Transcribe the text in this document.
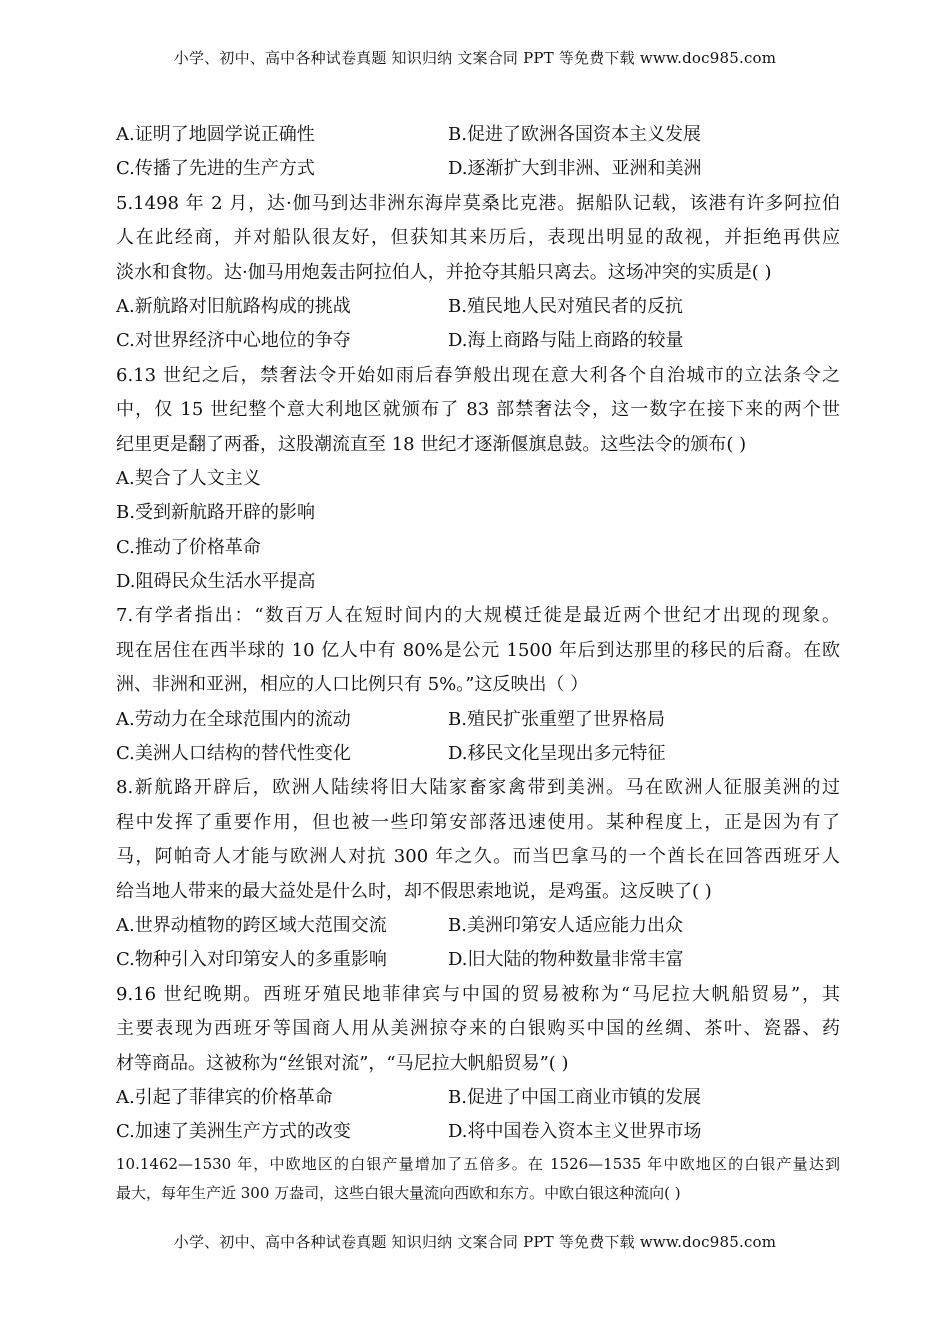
小学、初中、高中各种试卷真题 知识归纳 文案合同 PPT 等免费下载 www.doc985.com
A.证明了地圆学说正确性	B.促进了欧洲各国资本主义发展
C.传播了先进的生产方式	D.逐渐扩大到非洲、亚洲和美洲
5.1498 年 2 月，达·伽马到达非洲东海岸莫桑比克港。据船队记载，该港有许多阿拉伯
人在此经商，并对船队很友好，但获知其来历后，表现出明显的敌视，并拒绝再供应
淡水和食物。达·伽马用炮轰击阿拉伯人，并抢夺其船只离去。这场冲突的实质是( )
A.新航路对旧航路构成的挑战	B.殖民地人民对殖民者的反抗
C.对世界经济中心地位的争夺	D.海上商路与陆上商路的较量
6.13 世纪之后，禁奢法令开始如雨后春笋般出现在意大利各个自治城市的立法条令之
中，仅 15 世纪整个意大利地区就颁布了 83 部禁奢法令，这一数字在接下来的两个世
纪里更是翻了两番，这股潮流直至 18 世纪才逐渐偃旗息鼓。这些法令的颁布( )
A.契合了人文主义
B.受到新航路开辟的影响
C.推动了价格革命
D.阻碍民众生活水平提高
7.有学者指出：“数百万人在短时间内的大规模迁徙是最近两个世纪才出现的现象。
现在居住在西半球的 10 亿人中有 80%是公元 1500 年后到达那里的移民的后裔。在欧
洲、非洲和亚洲，相应的人口比例只有 5%。”这反映出（ ）
A.劳动力在全球范围内的流动	B.殖民扩张重塑了世界格局
C.美洲人口结构的替代性变化	D.移民文化呈现出多元特征
8.新航路开辟后，欧洲人陆续将旧大陆家畜家禽带到美洲。马在欧洲人征服美洲的过
程中发挥了重要作用，但也被一些印第安部落迅速使用。某种程度上，正是因为有了
马，阿帕奇人才能与欧洲人对抗 300 年之久。而当巴拿马的一个酋长在回答西班牙人
给当地人带来的最大益处是什么时，却不假思索地说，是鸡蛋。这反映了( )
A.世界动植物的跨区域大范围交流	B.美洲印第安人适应能力出众
C.物种引入对印第安人的多重影响	D.旧大陆的物种数量非常丰富
9.16 世纪晚期。西班牙殖民地菲律宾与中国的贸易被称为“马尼拉大帆船贸易”，其
主要表现为西班牙等国商人用从美洲掠夺来的白银购买中国的丝绸、茶叶、瓷器、药
材等商品。这被称为“丝银对流”，“马尼拉大帆船贸易”( )
A.引起了菲律宾的价格革命	B.促进了中国工商业市镇的发展
C.加速了美洲生产方式的改变	D.将中国卷入资本主义世界市场
10.1462—1530 年，中欧地区的白银产量增加了五倍多。在 1526—1535 年中欧地区的白银产量达到
最大，每年生产近 300 万盎司，这些白银大量流向西欧和东方。中欧白银这种流向( )
小学、初中、高中各种试卷真题 知识归纳 文案合同 PPT 等免费下载 www.doc985.com
